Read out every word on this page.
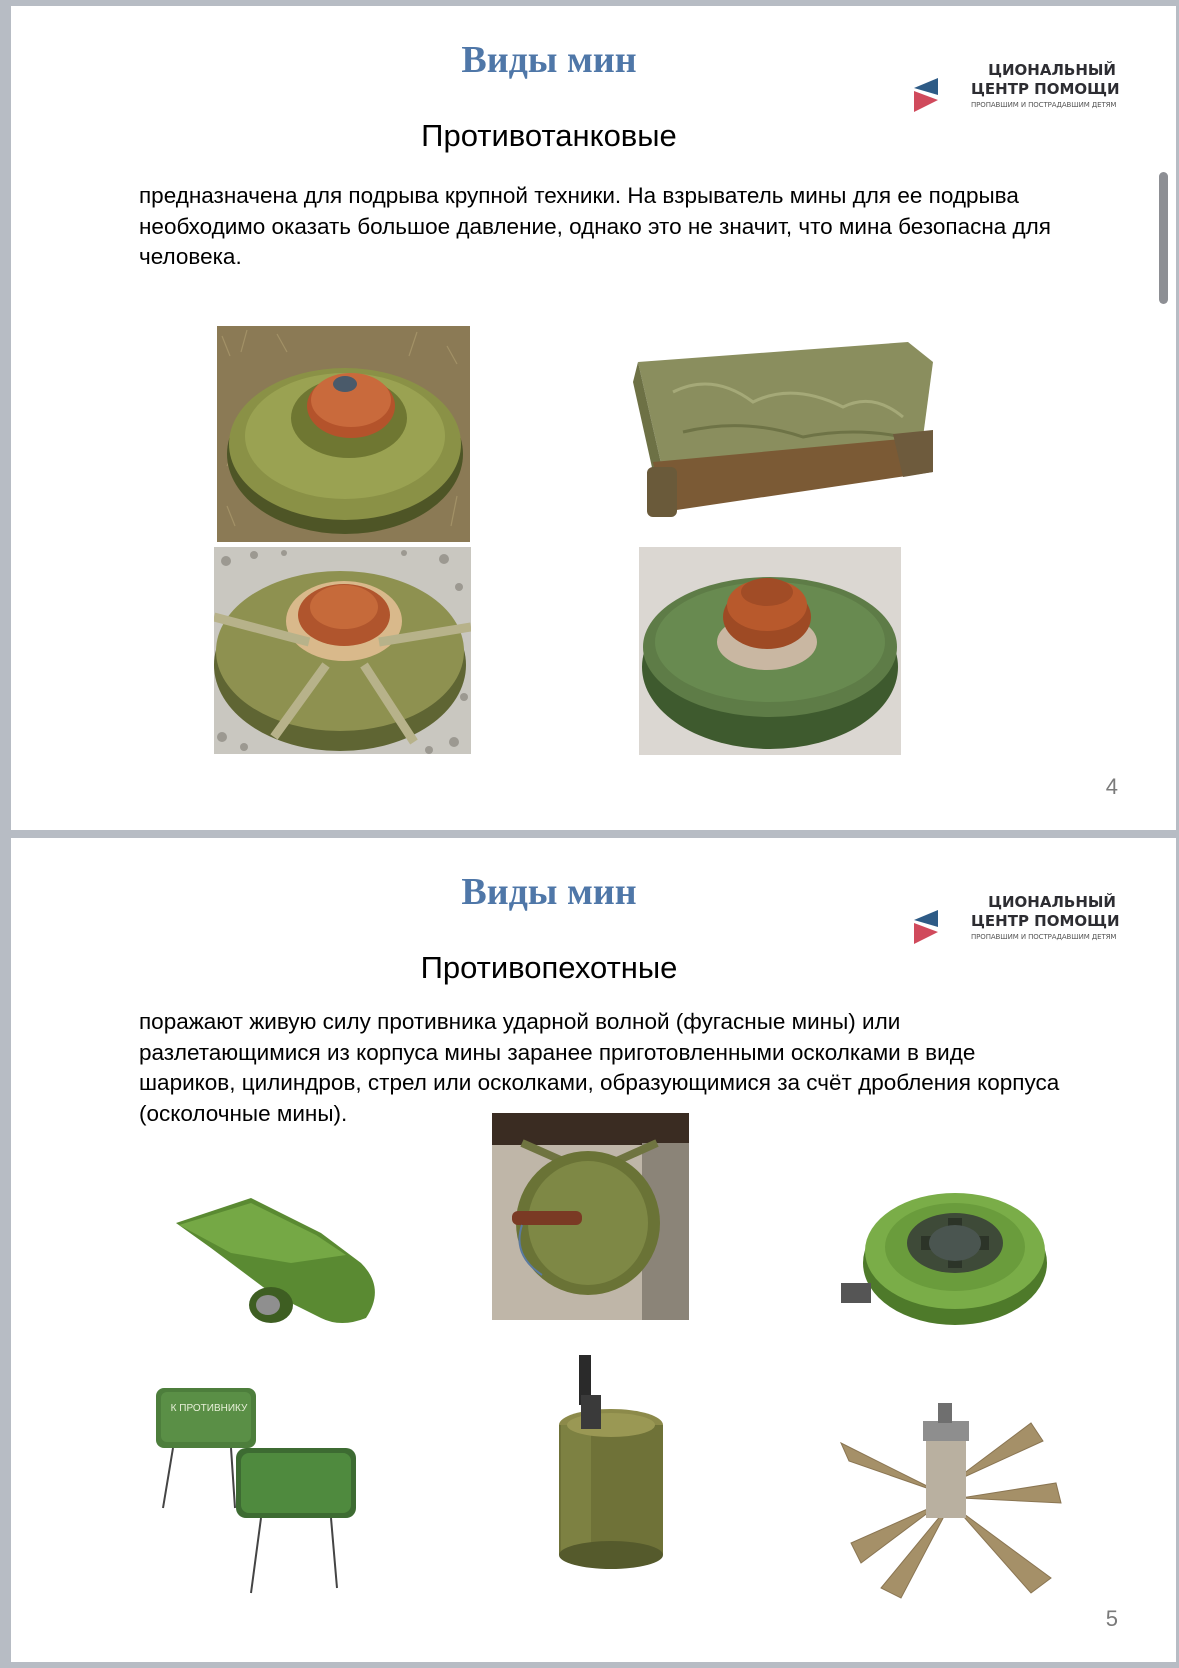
Виды мин	ЦИОНАЛЬНЫЙ
ЦЕНТР ПОМОЩИ
ПРОПАВШИМ И ПОСТРАДАВШИМ ДЕТЯМ
Противотанковые

предназначена для подрыва крупной техники. На взрыватель мины для ее подрыва необходимо оказать большое давление, однако это не значит, что мина безопасна для человека.

4
Виды мин	ЦИОНАЛЬНЫЙ
ЦЕНТР ПОМОЩИ
ПРОПАВШИМ И ПОСТРАДАВШИМ ДЕТЯМ
Противопехотные

поражают живую силу противника ударной волной (фугасные мины) или разлетающимися из корпуса мины заранее приготовленными осколками в виде шариков, цилиндров, стрел или осколками, образующимися за счёт дробления корпуса (осколочные мины).

К ПРОТИВНИКУ
5
